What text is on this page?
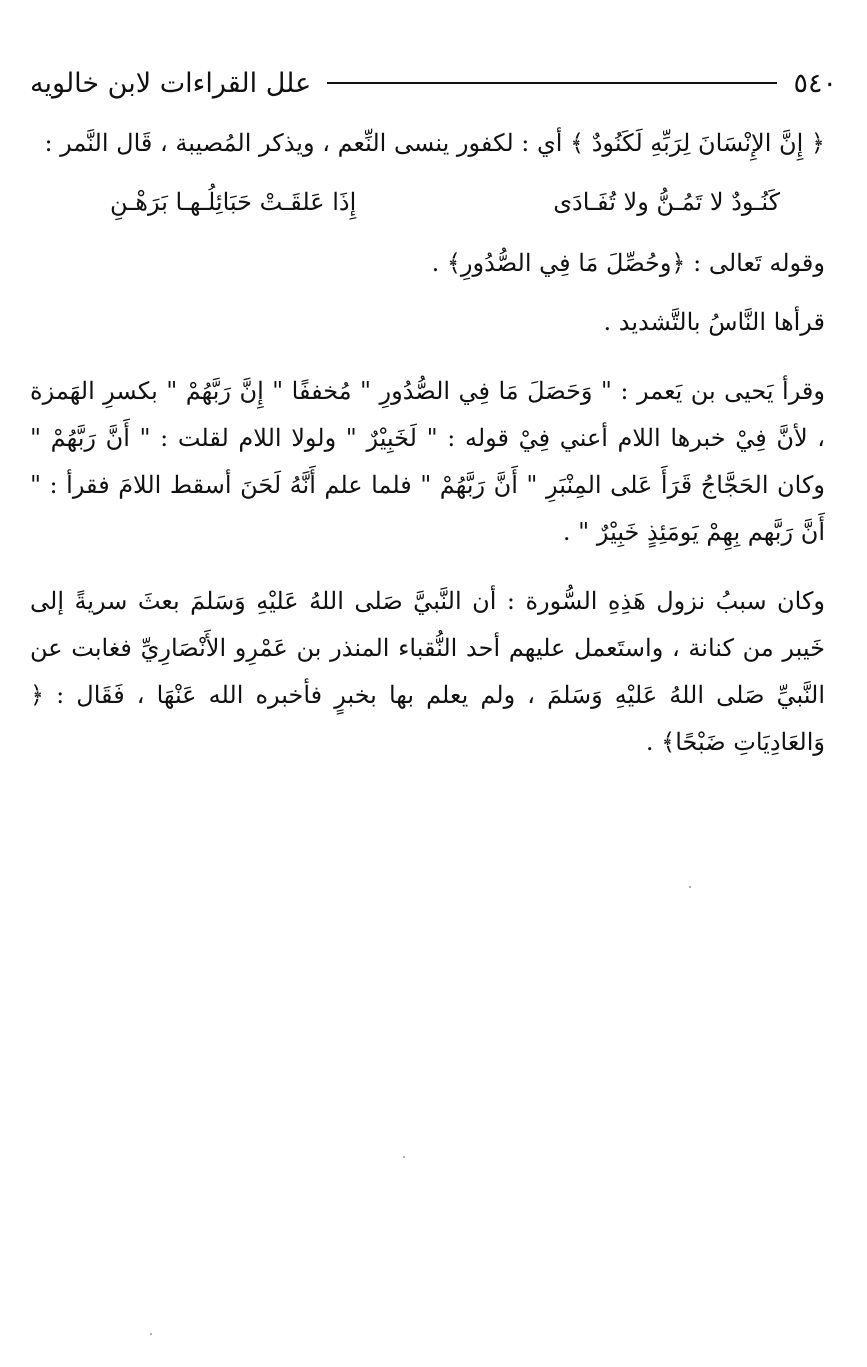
٥٤٠
علل القراءات لابن خالويه

﴿ إِنَّ الإِنْسَانَ لِرَبِّهِ لَكَنُودٌ ﴾ أي : لكفور ينسى النِّعم ، ويذكر المُصيبة ، قَال النَّمر :

كَنُـودٌ لا تَمُـنُّ ولا تُفَـادَى
إِذَا عَلقَـتْ حَبَائِلُـهـا بَرَهْـنِ

وقوله تَعالى : ﴿وحُصِّلَ مَا فِي الصُّدُورِ﴾ .

قرأها النَّاسُ بالتَّشديد .

وقرأ يَحيى بن يَعمر : " وَحَصَلَ مَا فِي الصُّدُورِ " مُخففًا " إِنَّ رَبَّهُمْ " بكسرِ الهَمزة ، لأنَّ فِيْ خبرها اللام أعني فِيْ قوله : " لَخَبِيْرٌ " ولولا اللام لقلت : " أَنَّ رَبَّهُمْ " وكان الحَجَّاجُ قَرَأَ عَلى المِنْبَرِ " أَنَّ رَبَّهُمْ " فلما علم أَنَّهُ لَحَنَ أسقط اللامَ فقرأ : " أَنَّ رَبَّهم بِهِمْ يَومَئِذٍ خَبِيْرٌ " .

وكان سببُ نزول هَذِهِ السُّورة : أن النَّبيَّ صَلى اللهُ عَليْهِ وَسَلمَ بعثَ سريةً إلى خَيبر من كنانة ، واستَعمل عليهم أحد النُّقباء المنذر بن عَمْرِو الأَنْصَارِيِّ فغابت عن النَّبيِّ صَلى اللهُ عَليْهِ وَسَلمَ ، ولم يعلم بها بخبرٍ فأخبره الله عَنْهَا ، فَقَال : ﴿ وَالعَادِيَاتِ ضَبْحًا﴾ .
